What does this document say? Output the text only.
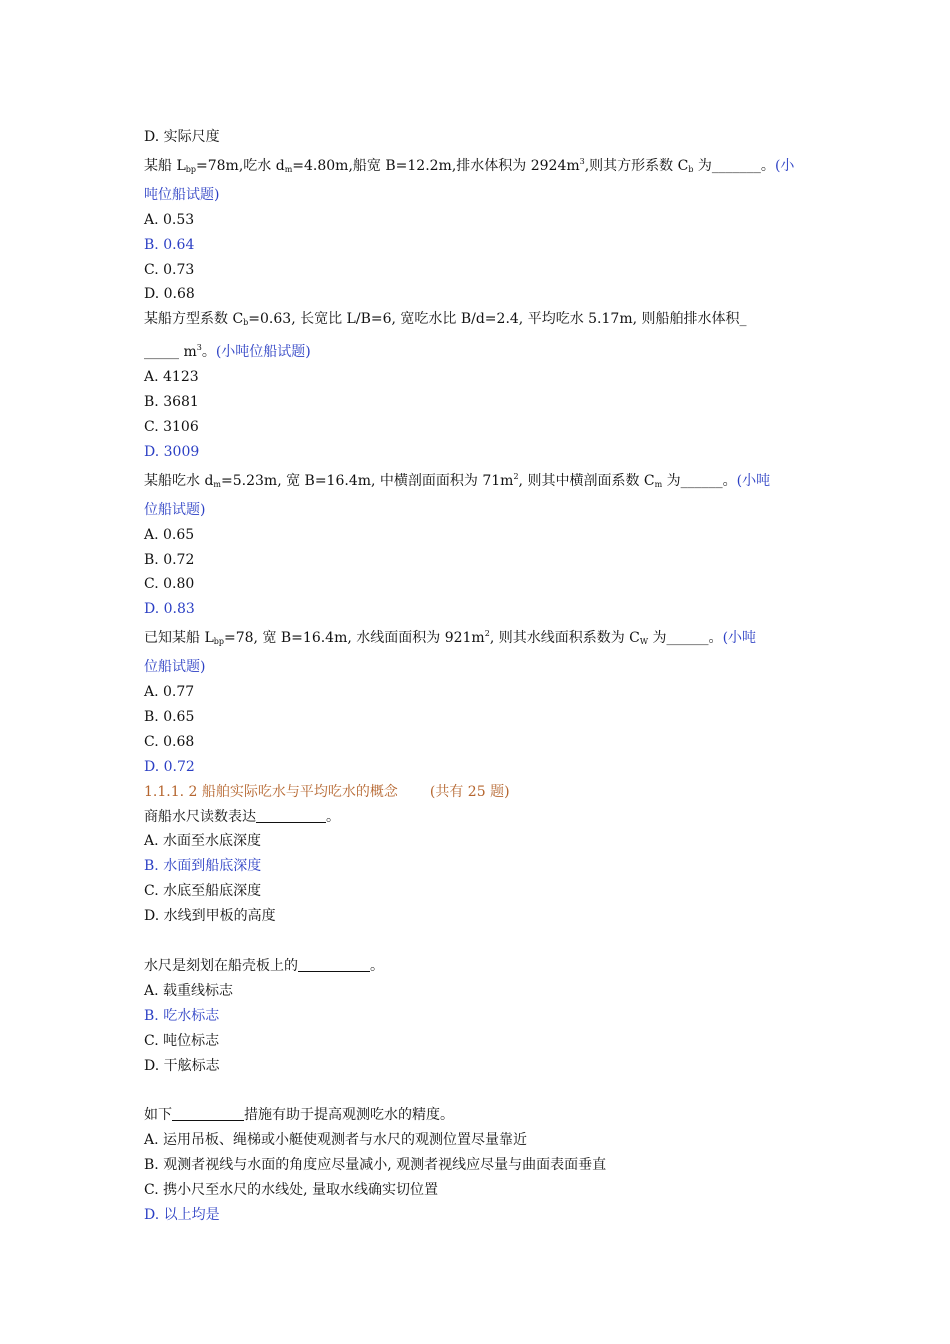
D. 实际尺度
某船 $L_{bp}=78m$,吃水 $d_m=4.80m$,船宽 B=12.2m,排水体积为 $2924m^3$,则其方形系数 $C_b$ 为_______。(小
吨位船试题)
A. 0.53
B. 0.64
C. 0.73
D. 0.68
某船方型系数 $C_b=0.63$, 长宽比 L/B=6, 宽吃水比 B/d=2.4, 平均吃水 5.17m, 则船舶排水体积_
_____ $m^3$。(小吨位船试题)
A. 4123
B. 3681
C. 3106
D. 3009
某船吃水 $d_m=5.23m$, 宽 B=16.4m, 中横剖面面积为 $71m^2$, 则其中横剖面系数 $C_m$ 为______。(小吨
位船试题)
A. 0.65
B. 0.72
C. 0.80
D. 0.83
已知某船 $L_{bp}=78$, 宽 B=16.4m, 水线面面积为 $921m^2$, 则其水线面积系数为 $C_W$ 为______。(小吨
位船试题)
A. 0.77
B. 0.65
C. 0.68
D. 0.72
1.1.1. 2 船舶实际吃水与平均吃水的概念 (共有 25 题)
商船水尺读数表达	。
A. 水面至水底深度
B. 水面到船底深度
C. 水底至船底深度
D. 水线到甲板的高度
水尺是刻划在船壳板上的	。
A. 载重线标志
B. 吃水标志
C. 吨位标志
D. 干舷标志
如下	措施有助于提高观测吃水的精度。
A. 运用吊板、绳梯或小艇使观测者与水尺的观测位置尽量靠近
B. 观测者视线与水面的角度应尽量减小, 观测者视线应尽量与曲面表面垂直
C. 携小尺至水尺的水线处, 量取水线确实切位置
D. 以上均是
